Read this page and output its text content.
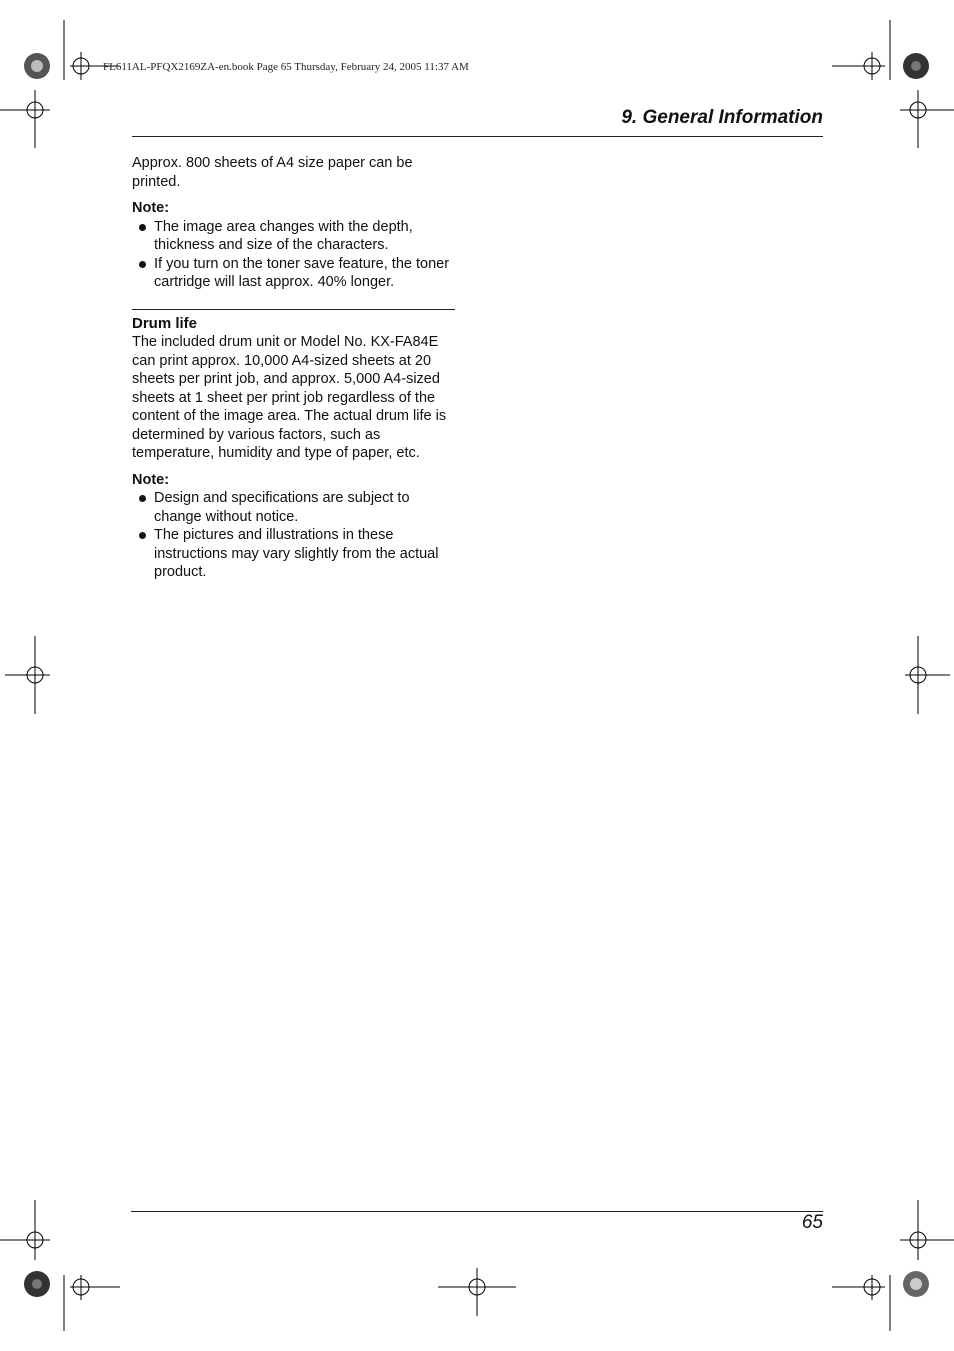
FL611AL-PFQX2169ZA-en.book Page 65 Thursday, February 24, 2005 11:37 AM
9. General Information

Approx. 800 sheets of A4 size paper can be printed.

Note:

The image area changes with the depth, thickness and size of the characters.
If you turn on the toner save feature, the toner cartridge will last approx. 40% longer.

Drum life

The included drum unit or Model No. KX-FA84E can print approx. 10,000 A4-sized sheets at 20 sheets per print job, and approx. 5,000 A4-sized sheets at 1 sheet per print job regardless of the content of the image area. The actual drum life is determined by various factors, such as temperature, humidity and type of paper, etc.

Note:

Design and specifications are subject to change without notice.
The pictures and illustrations in these instructions may vary slightly from the actual product.
65
